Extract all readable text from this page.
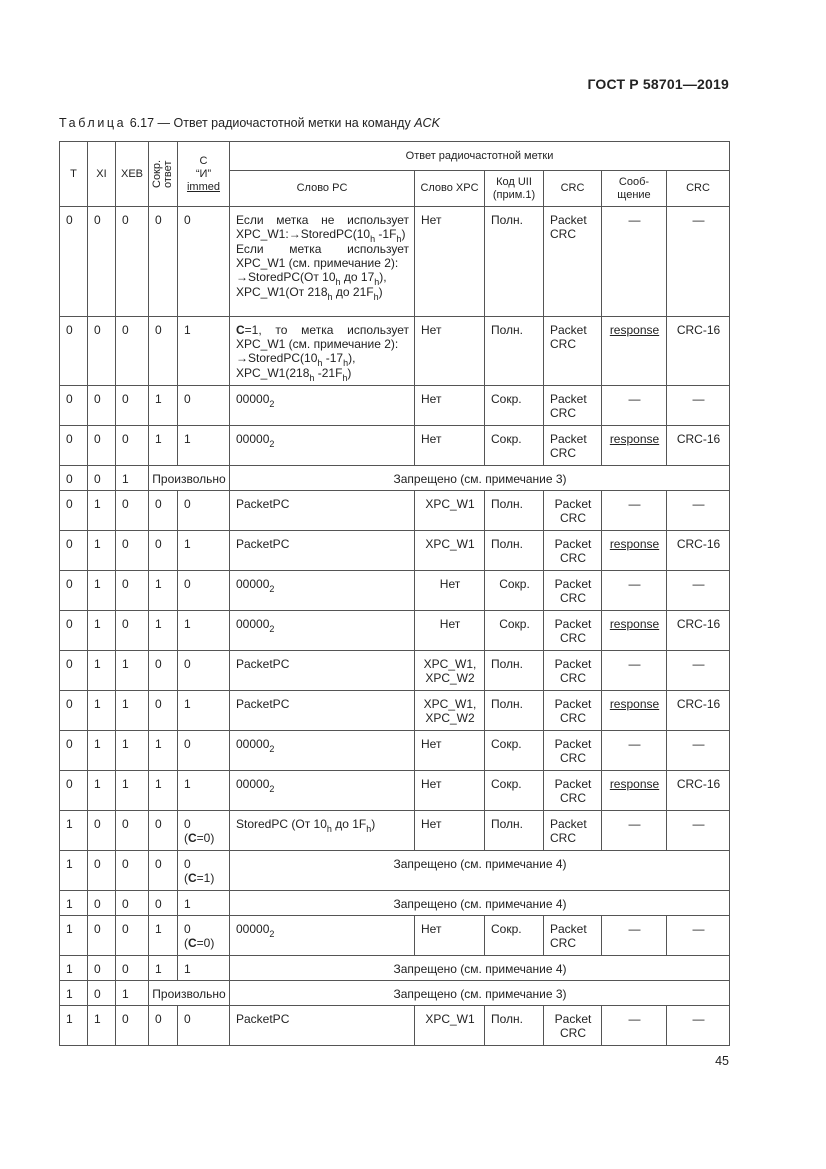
ГОСТ Р 58701—2019
Таблица 6.17 — Ответ радиочастотной метки на команду ACK
Т	XI	XEB	Сокр. ответ	С
“И”
immed	Ответ радиочастотной метки					
					Слово PC	Слово XPC	Код UII (прим.1)	CRC	Сооб-щение	CRC
0	0	0	0	0	Если метка не использует $XPC\_W1:\to StoredPC(10_h$ $-1F_h$)
Если метка использует XPC_W1 (см. примечание 2):
→StoredPC(От $10_h$ до $17_h$),
XPC_W1(От $218_h$ до $21F_h$)	Нет	Полн.	Packet CRC	—	—
0	0	0	0	1	C=1, то метка использует XPC_W1 (см. примечание 2):
$\to StoredPC(10_h$ $-17_h$),
$XPC\_W1(218_h$ $-21F_h$)	Нет	Полн.	Packet CRC	response	CRC-16
0	0	0	1	0	$00000_2$	Нет	Сокр.	Packet CRC	—	—
0	0	0	1	1	$00000_2$	Нет	Сокр.	Packet CRC	response	CRC-16
0	0	1	Произвольно		Запрещено (см. примечание 3)					
0	1	0	0	0	PacketPC	XPC_W1	Полн.	Packet CRC	—	—
0	1	0	0	1	PacketPC	XPC_W1	Полн.	Packet CRC	response	CRC-16
0	1	0	1	0	$00000_2$	Нет	Сокр.	Packet CRC	—	—
0	1	0	1	1	$00000_2$	Нет	Сокр.	Packet CRC	response	CRC-16
0	1	1	0	0	PacketPC	XPC_W1, XPC_W2	Полн.	Packet CRC	—	—
0	1	1	0	1	PacketPC	XPC_W1, XPC_W2	Полн.	Packet CRC	response	CRC-16
0	1	1	1	0	$00000_2$	Нет	Сокр.	Packet CRC	—	—
0	1	1	1	1	$00000_2$	Нет	Сокр.	Packet CRC	response	CRC-16
1	0	0	0	0
(C=0)	StoredPC (От $10_h$ до $1F_h$)	Нет	Полн.	Packet CRC	—	—
1	0	0	0	0
(C=1)	Запрещено (см. примечание 4)					
1	0	0	0	1	Запрещено (см. примечание 4)					
1	0	0	1	0
(C=0)	$00000_2$	Нет	Сокр.	Packet CRC	—	—
1	0	0	1	1	Запрещено (см. примечание 4)					
1	0	1	Произвольно		Запрещено (см. примечание 3)					
1	1	0	0	0	PacketPC	XPC_W1	Полн.	Packet CRC	—	—
45
